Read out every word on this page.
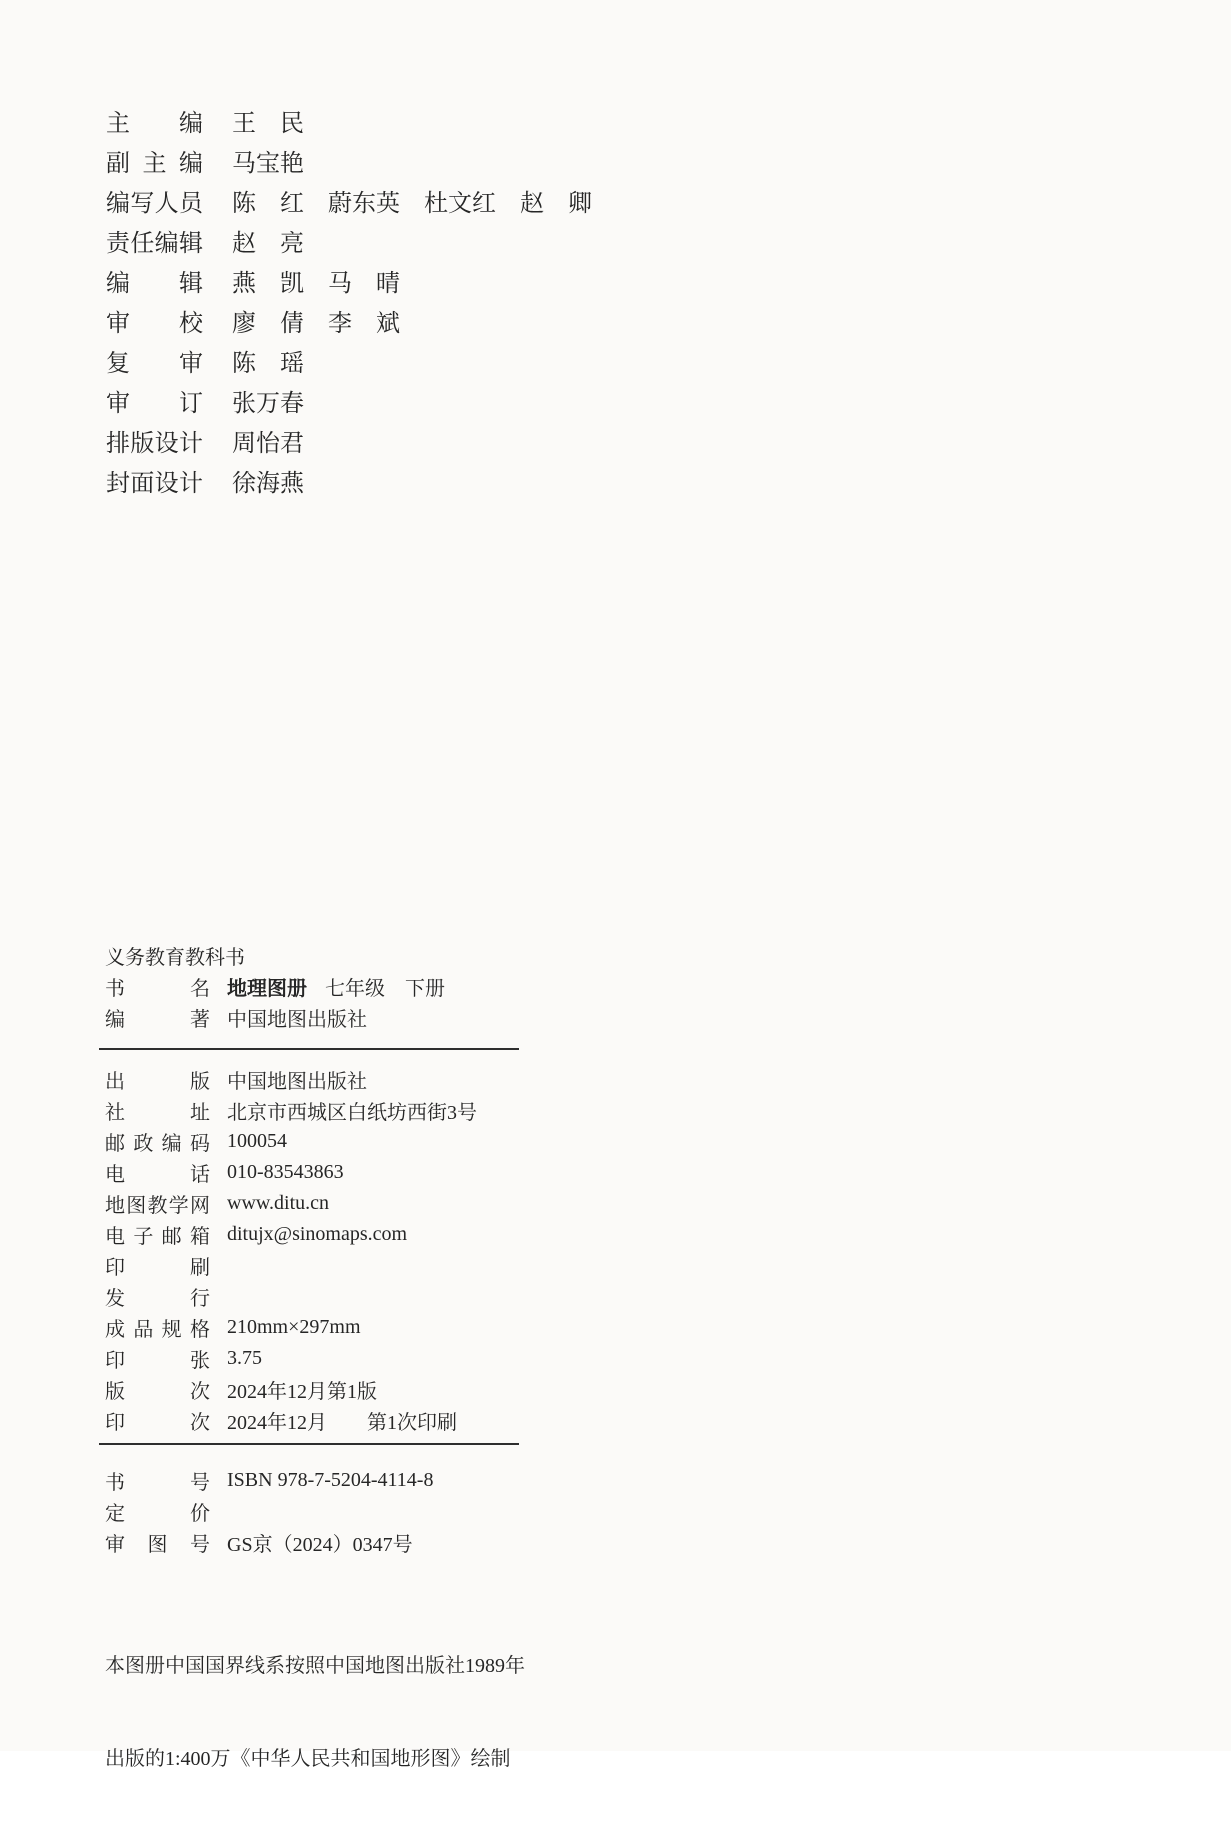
主 编 王　民
副 主 编 马宝艳
编 写 人 员 陈　红　蔚东英　杜文红　赵　卿
责 任 编 辑 赵　亮
编 辑 燕　凯　马　晴
审 校 廖　倩　李　斌
复 审 陈　瑶
审 订 张万春
排 版 设 计 周怡君
封 面 设 计 徐海燕
义务教育教科书
书	名 地理图册 七年级　下册
编	著 中国地图出版社
出	版 中国地图出版社
社	址 北京市西城区白纸坊西街3号
邮 政 编 码 100054
电	话 010-83543863
地 图 教 学 网 www.ditu.cn
电 子 邮 箱 ditujx@sinomaps.com
印	刷
发	行
成 品 规 格 210mm×297mm
印	张 3.75
版	次 2024年12月第1版
印	次 2024年12月　　第1次印刷
书	号 ISBN 978-7-5204-4114-8
定	价
审 图 号 GS京（2024）0347号

本图册中国国界线系按照中国地图出版社1989年

出版的1:400万《中华人民共和国地形图》绘制
